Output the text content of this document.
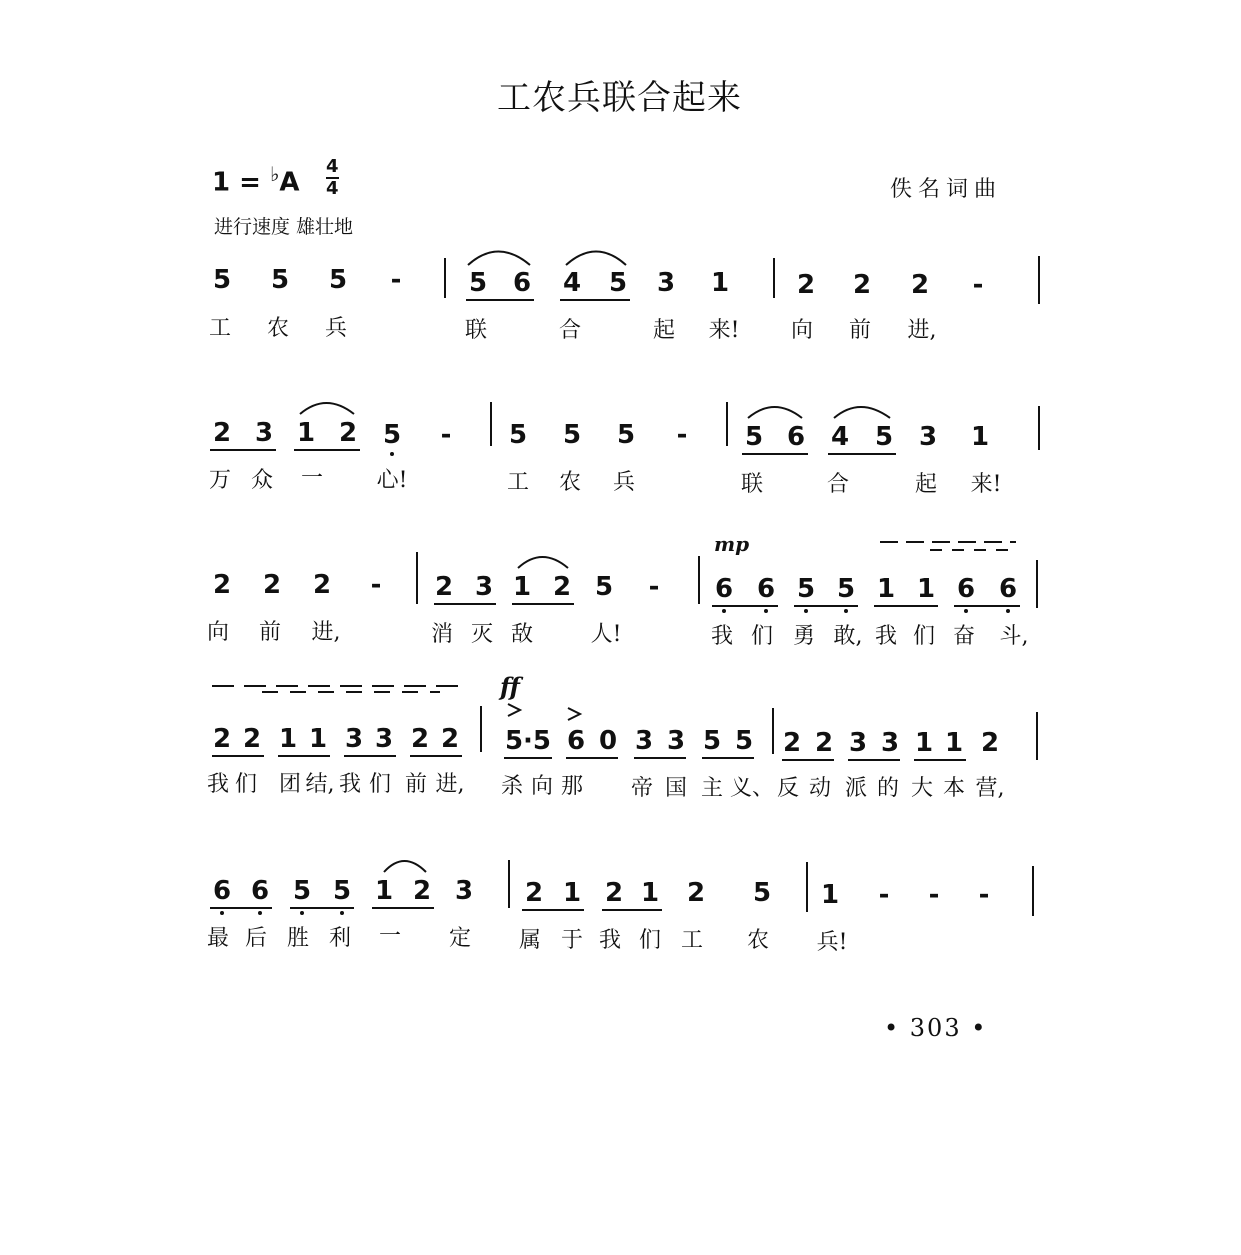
工农兵联合起来
1 = ♭A
4
4	佚名词曲
进行速度 雄壮地
5 5 5 -	5 6 4 5 3 1	2 2 2 -
工 农 兵	联	合	起 来! 向 前 进,
2 3 1 2 5 - 5 5 5 - 5 6 4 5 3 1
万 众 一 心!	工 农 兵	联	合	起 来!
mp
2 2 2 - 2 3 1 2 5 - 6 6 5 5 1 1 6 6
向 前 进,	消 灭 敌	人!	我 们 勇 敢, 我 们 奋 斗,
ff
2 2 1 1 3 3 2 2 5·5 6 0 3 3 5 5 2 2 3 3 1 1 2
我 们 团 结, 我 们 前 进, 杀 向 那 帝 国 主 义、 反 动 派 的 大 本 营,
6 6 5 5 1 2 3 2 1 2 1 2 5 1 - - -
最 后 胜 利 一 定 属 于 我 们 工 农 兵!
• 303 •
